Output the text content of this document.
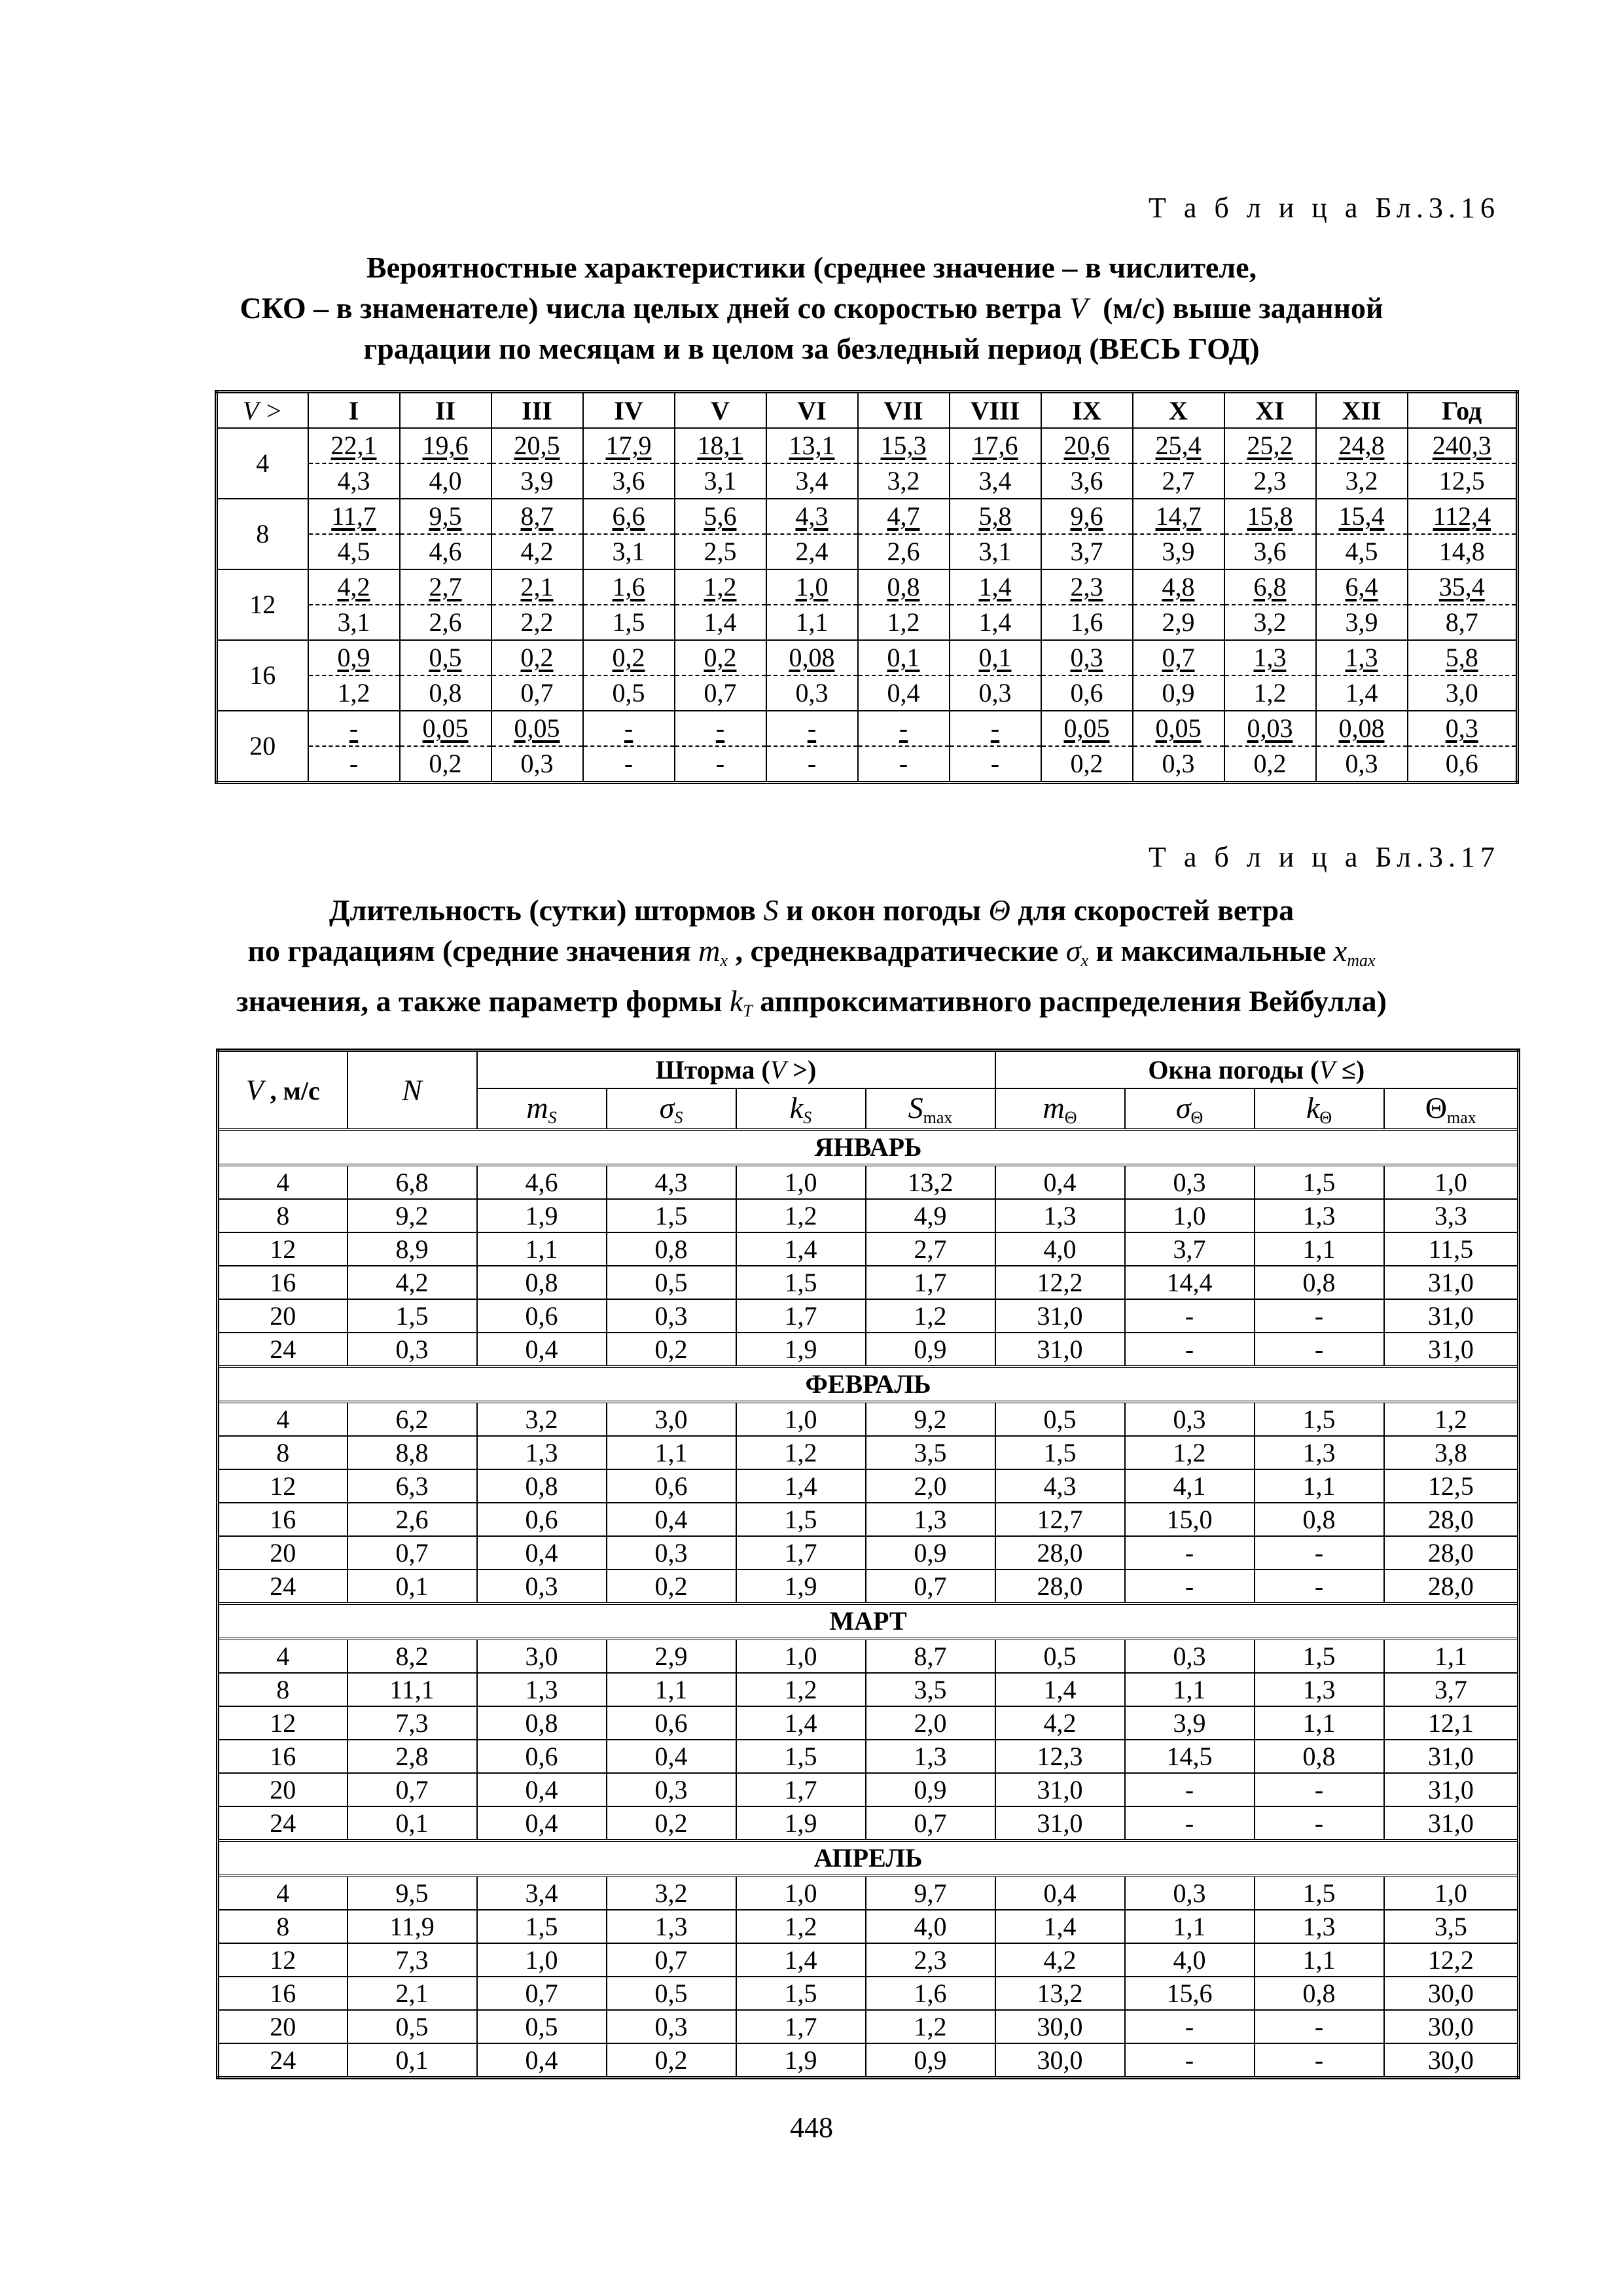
Т а б л и ц а Бл.3.16
Вероятностные характеристики (среднее значение – в числителе,
СКО – в знаменателе) числа целых дней со скоростью ветра V  (м/с) выше заданной
градации по месяцам и в целом за безледный период (ВЕСЬ ГОД)
V >	I	II	III	IV	V	VI	VII	VIII	IX	X	XI	XII	Год
4	22,1	19,6	20,5	17,9	18,1	13,1	15,3	17,6	20,6	25,4	25,2	24,8	240,3
	4,3	4,0	3,9	3,6	3,1	3,4	3,2	3,4	3,6	2,7	2,3	3,2	12,5
8	11,7	9,5	8,7	6,6	5,6	4,3	4,7	5,8	9,6	14,7	15,8	15,4	112,4
	4,5	4,6	4,2	3,1	2,5	2,4	2,6	3,1	3,7	3,9	3,6	4,5	14,8
12	4,2	2,7	2,1	1,6	1,2	1,0	0,8	1,4	2,3	4,8	6,8	6,4	35,4
	3,1	2,6	2,2	1,5	1,4	1,1	1,2	1,4	1,6	2,9	3,2	3,9	8,7
16	0,9	0,5	0,2	0,2	0,2	0,08	0,1	0,1	0,3	0,7	1,3	1,3	5,8
	1,2	0,8	0,7	0,5	0,7	0,3	0,4	0,3	0,6	0,9	1,2	1,4	3,0
20	-	0,05	0,05	-	-	-	-	-	0,05	0,05	0,03	0,08	0,3
	-	0,2	0,3	-	-	-	-	-	0,2	0,3	0,2	0,3	0,6
Т а б л и ц а Бл.3.17
Длительность (сутки) штормов S и окон погоды Θ для скоростей ветра
по градациям (средние значения $m_x$ , среднеквадратические $\sigma_x$ и максимальные $x_{max}$
значения, а также параметр формы $k_T$ аппроксимативного распределения Вейбулла)
V , м/с	N	Шторма (V >)				Окна погоды (V ≤)			
		$m_S$	$\sigma_S$	$k_S$	$S_{max}$	$m_\Theta$	$\sigma_\Theta$	$k_\Theta$	$\Theta_{max}$
ЯНВАРЬ									
4	6,8	4,6	4,3	1,0	13,2	0,4	0,3	1,5	1,0
8	9,2	1,9	1,5	1,2	4,9	1,3	1,0	1,3	3,3
12	8,9	1,1	0,8	1,4	2,7	4,0	3,7	1,1	11,5
16	4,2	0,8	0,5	1,5	1,7	12,2	14,4	0,8	31,0
20	1,5	0,6	0,3	1,7	1,2	31,0	-	-	31,0
24	0,3	0,4	0,2	1,9	0,9	31,0	-	-	31,0
ФЕВРАЛЬ									
4	6,2	3,2	3,0	1,0	9,2	0,5	0,3	1,5	1,2
8	8,8	1,3	1,1	1,2	3,5	1,5	1,2	1,3	3,8
12	6,3	0,8	0,6	1,4	2,0	4,3	4,1	1,1	12,5
16	2,6	0,6	0,4	1,5	1,3	12,7	15,0	0,8	28,0
20	0,7	0,4	0,3	1,7	0,9	28,0	-	-	28,0
24	0,1	0,3	0,2	1,9	0,7	28,0	-	-	28,0
МАРТ									
4	8,2	3,0	2,9	1,0	8,7	0,5	0,3	1,5	1,1
8	11,1	1,3	1,1	1,2	3,5	1,4	1,1	1,3	3,7
12	7,3	0,8	0,6	1,4	2,0	4,2	3,9	1,1	12,1
16	2,8	0,6	0,4	1,5	1,3	12,3	14,5	0,8	31,0
20	0,7	0,4	0,3	1,7	0,9	31,0	-	-	31,0
24	0,1	0,4	0,2	1,9	0,7	31,0	-	-	31,0
АПРЕЛЬ									
4	9,5	3,4	3,2	1,0	9,7	0,4	0,3	1,5	1,0
8	11,9	1,5	1,3	1,2	4,0	1,4	1,1	1,3	3,5
12	7,3	1,0	0,7	1,4	2,3	4,2	4,0	1,1	12,2
16	2,1	0,7	0,5	1,5	1,6	13,2	15,6	0,8	30,0
20	0,5	0,5	0,3	1,7	1,2	30,0	-	-	30,0
24	0,1	0,4	0,2	1,9	0,9	30,0	-	-	30,0
448
